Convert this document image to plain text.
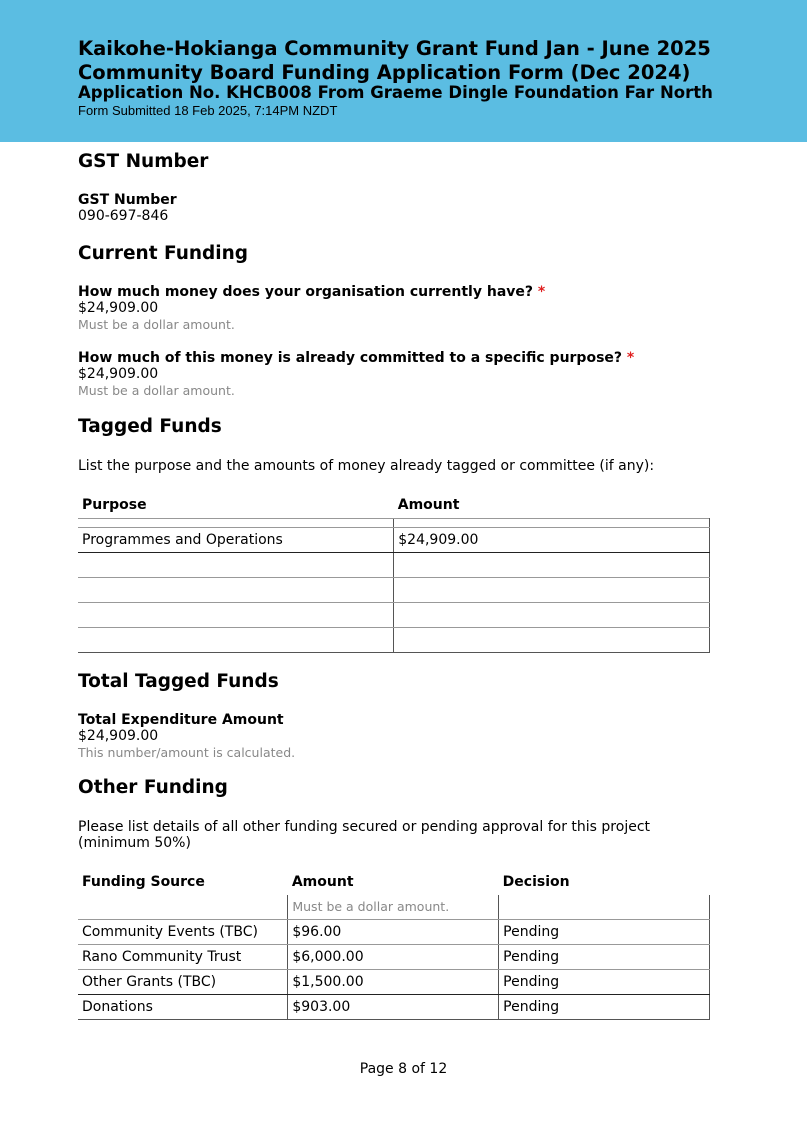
Kaikohe-Hokianga Community Grant Fund Jan - June 2025
Community Board Funding Application Form (Dec 2024)
Application No. KHCB008 From Graeme Dingle Foundation Far North
Form Submitted 18 Feb 2025, 7:14PM NZDT
GST Number
GST Number
090-697-846
Current Funding
How much money does your organisation currently have? *
$24,909.00
Must be a dollar amount.
How much of this money is already committed to a specific purpose? *
$24,909.00
Must be a dollar amount.
Tagged Funds
List the purpose and the amounts of money already tagged or committee (if any):
Purpose	Amount

Programmes and Operations	$24,909.00

Total Tagged Funds
Total Expenditure Amount
$24,909.00
This number/amount is calculated.
Other Funding
Please list details of all other funding secured or pending approval for this project (minimum 50%)
Funding Source	Amount	Decision
	Must be a dollar amount.	
Community Events (TBC)	$96.00	Pending
Rano Community Trust	$6,000.00	Pending
Other Grants (TBC)	$1,500.00	Pending
Donations	$903.00	Pending
Page 8 of 12
